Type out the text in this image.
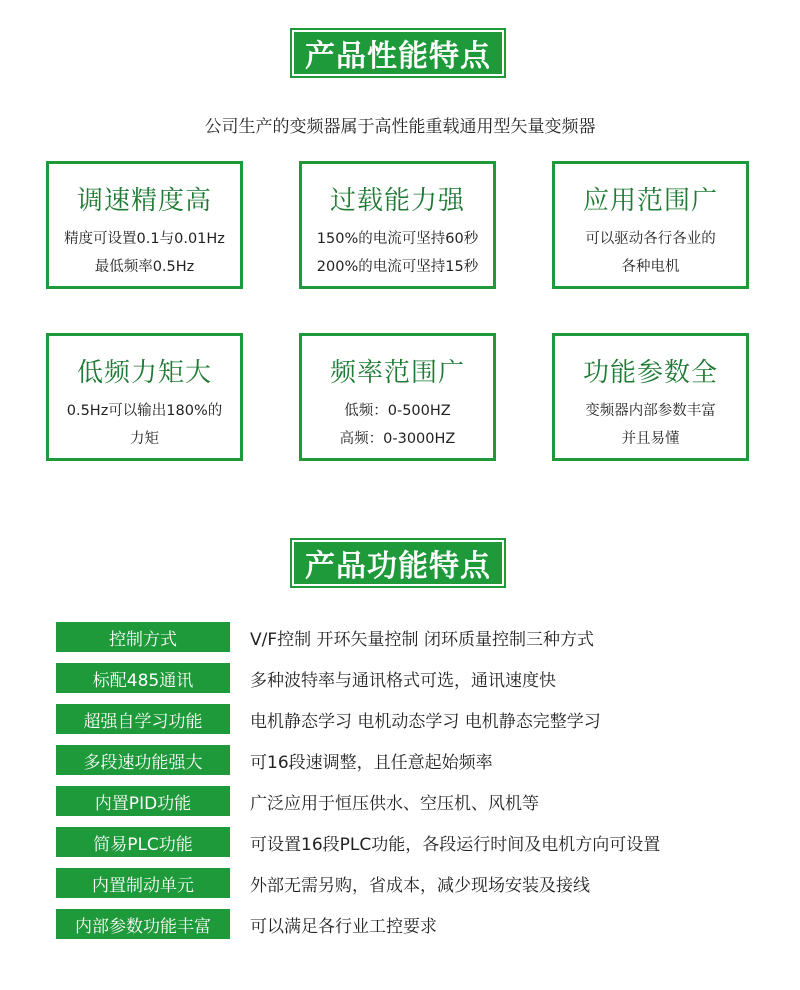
产品性能特点
公司生产的变频器属于高性能重载通用型矢量变频器
调速精度高
精度可设置0.1与0.01Hz
最低频率0.5Hz
过载能力强
150%的电流可坚持60秒
200%的电流可坚持15秒
应用范围广
可以驱动各行各业的
各种电机
低频力矩大
0.5Hz可以输出180%的
力矩
频率范围广
低频：0-500HZ
高频：0-3000HZ
功能参数全
变频器内部参数丰富
并且易懂
产品功能特点
控制方式	V/F控制 开环矢量控制 闭环质量控制三种方式
标配485通讯	多种波特率与通讯格式可选，通讯速度快
超强自学习功能	电机静态学习 电机动态学习 电机静态完整学习
多段速功能强大	可16段速调整，且任意起始频率
内置PID功能	广泛应用于恒压供水、空压机、风机等
简易PLC功能	可设置16段PLC功能，各段运行时间及电机方向可设置
内置制动单元	外部无需另购，省成本，减少现场安装及接线
内部参数功能丰富	可以满足各行业工控要求
